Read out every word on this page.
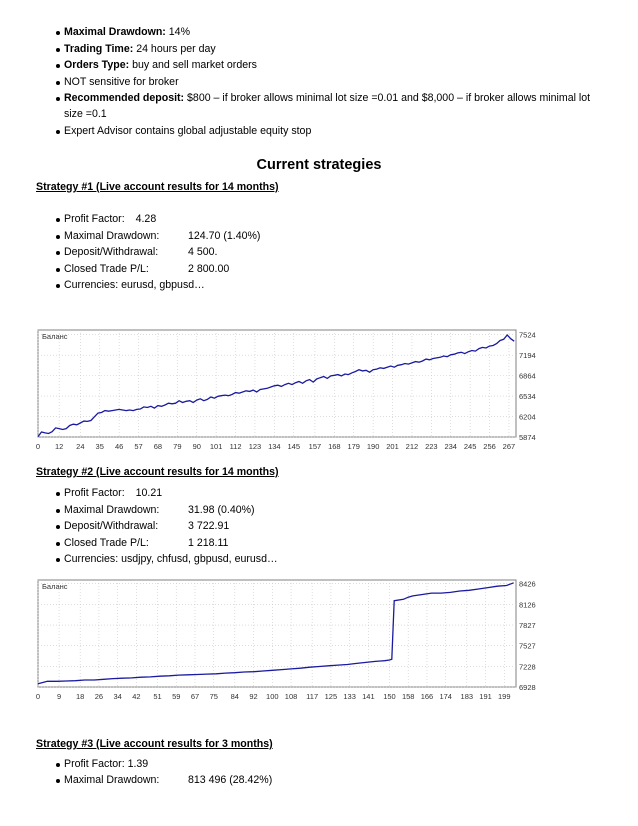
Maximal Drawdown: 14%
Trading Time: 24 hours per day
Orders Type: buy and sell market orders
NOT sensitive for broker
Recommended deposit: $800 – if broker allows minimal lot size =0.01 and $8,000 – if broker allows minimal lot
size =0.1
Expert Advisor contains global adjustable equity stop
Current strategies
Strategy #1 (Live account results for 14 months)
Profit Factor: 4.28
Maximal Drawdown:	124.70 (1.40%)
Deposit/Withdrawal:	4 500.
Closed Trade P/L:	2 800.00
Currencies: eurusd, gbpusd…
0 12 24 35 46 57 68 79 90 101 112 123 134 145 157 168 179 190 201 212 223 234 245 256 267
7524
7194
6864
6534
6204
5874
Баланс
Strategy #2 (Live account results for 14 months)
Profit Factor: 10.21
Maximal Drawdown:	31.98 (0.40%)
Deposit/Withdrawal:	3 722.91
Closed Trade P/L:	1 218.11
Currencies: usdjpy, chfusd, gbpusd, eurusd…
0 9 18 26 34 42 51 59 67 75 84 92 100 108 117 125 133 141 150 158 166 174 183 191 199
8426
8126
7827
7527
7228
6928
Баланс
Strategy #3 (Live account results for 3 months)
Profit Factor: 1.39
Maximal Drawdown:	813 496 (28.42%)
